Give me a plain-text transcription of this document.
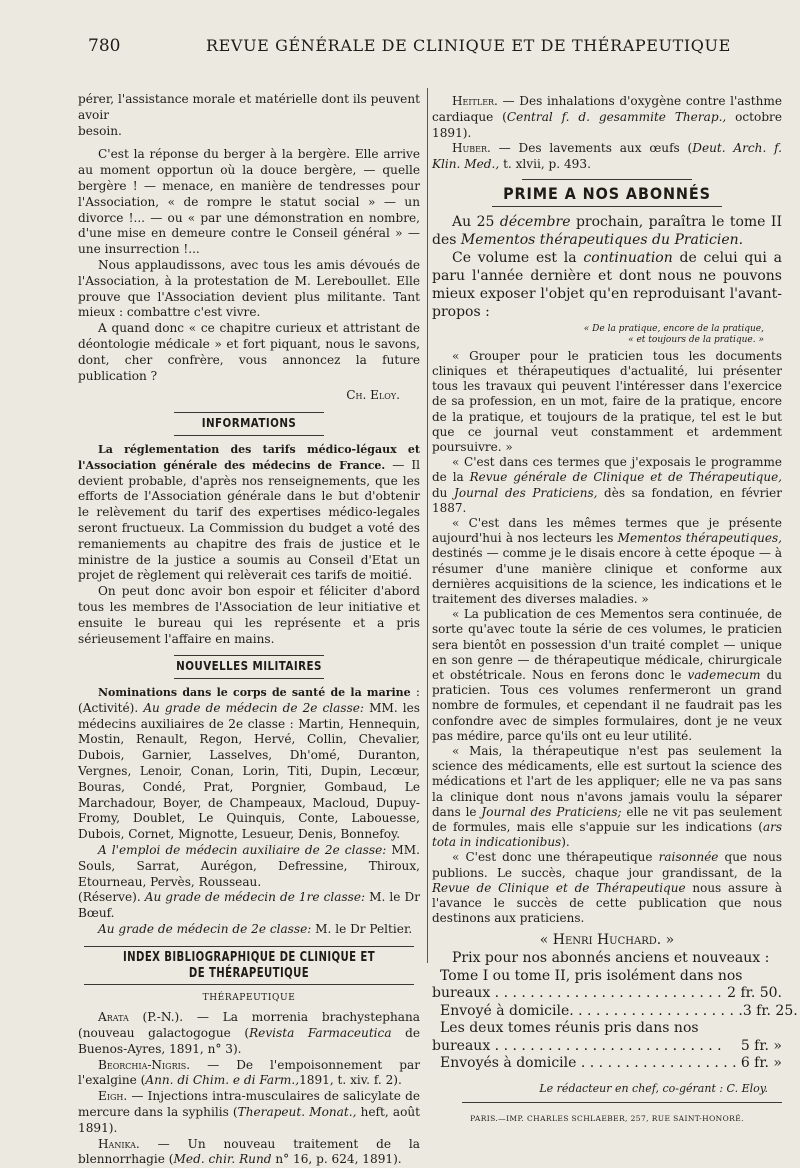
780	REVUE GÉNÉRALE DE CLINIQUE ET DE THÉRAPEUTIQUE

pérer, l'assistance morale et matérielle dont ils peuvent avoir

besoin.

C'est la réponse du berger à la bergère. Elle arrive au moment opportun où la douce bergère, — quelle bergère ! — menace, en manière de tendresses pour l'Association, « de rompre le statut social » — un divorce !... — ou « par une démonstration en nombre, d'une mise en demeure contre le Conseil général » — une insurrection !...

Nous applaudissons, avec tous les amis dévoués de l'Association, à la protestation de M. Lereboullet. Elle prouve que l'Association devient plus militante. Tant mieux : combattre c'est vivre.

A quand donc « ce chapitre curieux et attristant de déontologie médicale » et fort piquant, nous le savons, dont, cher confrère, vous annoncez la future publication ?

Ch. Eloy.

INFORMATIONS

La réglementation des tarifs médico-légaux et l'Association générale des médecins de France. — Il devient probable, d'après nos renseignements, que les efforts de l'Association générale dans le but d'obtenir le relèvement du tarif des expertises médico-legales seront fructueux. La Commission du budget a voté des remaniements au chapitre des frais de justice et le ministre de la justice a soumis au Conseil d'Etat un projet de règlement qui relèverait ces tarifs de moitié.

On peut donc avoir bon espoir et féliciter d'abord tous les membres de l'Association de leur initiative et ensuite le bureau qui les représente et a pris sérieusement l'affaire en mains.

NOUVELLES MILITAIRES

Nominations dans le corps de santé de la marine : (Activité). Au grade de médecin de 2e classe: MM. les médecins auxiliaires de 2e classe : Martin, Hennequin, Mostin, Renault, Regon, Hervé, Collin, Chevalier, Dubois, Garnier, Lasselves, Dh'omé, Duranton, Vergnes, Lenoir, Conan, Lorin, Titi, Dupin, Lecœur, Bouras, Condé, Prat, Porgnier, Gombaud, Le Marchadour, Boyer, de Champeaux, Macloud, Dupuy-Fromy, Doublet, Le Quinquis, Conte, Labouesse, Dubois, Cornet, Mignotte, Lesueur, Denis, Bonnefoy.

A l'emploi de médecin auxiliaire de 2e classe: MM. Souls, Sarrat, Aurégon, Defressine, Thiroux, Etourneau, Pervès, Rousseau.

(Réserve). Au grade de médecin de 1re classe: M. le Dr Bœuf.

Au grade de médecin de 2e classe: M. le Dr Peltier.

INDEX BIBLIOGRAPHIQUE DE CLINIQUE ET DE THÉRAPEUTIQUE
THÉRAPEUTIQUE

Arata (P.-N.). — La morrenia brachystephana (nouveau galactogogue (Revista Farmaceutica de Buenos-Ayres, 1891, n° 3).

Beorchia-Nigris. — De l'empoisonnement par l'exalgine (Ann. di Chim. e di Farm.,1891, t. xiv. f. 2).

Eigh. — Injections intra-musculaires de salicylate de mercure dans la syphilis (Therapeut. Monat., heft, août 1891).

Hanika. — Un nouveau traitement de la blennorrhagie (Med. chir. Rund n° 16, p. 624, 1891).

Heitler. — Des inhalations d'oxygène contre l'asthme cardiaque (Central f. d. gesammite Therap., octobre 1891).

Huber. — Des lavements aux œufs (Deut. Arch. f. Klin. Med., t. xlvii, p. 493.

PRIME A NOS ABONNÉS

Au 25 décembre prochain, paraîtra le tome II des Mementos thérapeutiques du Praticien.

Ce volume est la continuation de celui qui a paru l'année dernière et dont nous ne pouvons mieux exposer l'objet qu'en reproduisant l'avant-propos :

« De la pratique, encore de la pratique,
« et toujours de la pratique. »

« Grouper pour le praticien tous les documents cliniques et thérapeutiques d'actualité, lui présenter tous les travaux qui peuvent l'intéresser dans l'exercice de sa profession, en un mot, faire de la pratique, encore de la pratique, et toujours de la pratique, tel est le but que ce journal veut constamment et ardemment poursuivre. »

« C'est dans ces termes que j'exposais le programme de la Revue générale de Clinique et de Thérapeutique, du Journal des Praticiens, dès sa fondation, en février 1887.

« C'est dans les mêmes termes que je présente aujourd'hui à nos lecteurs les Mementos thérapeutiques, destinés — comme je le disais encore à cette époque — à résumer d'une manière clinique et conforme aux dernières acquisitions de la science, les indications et le traitement des diverses maladies. »

« La publication de ces Mementos sera continuée, de sorte qu'avec toute la série de ces volumes, le praticien sera bientôt en possession d'un traité complet — unique en son genre — de thérapeutique médicale, chirurgicale et obstétricale. Nous en ferons donc le vademecum du praticien. Tous ces volumes renfermeront un grand nombre de formules, et cependant il ne faudrait pas les confondre avec de simples formulaires, dont je ne veux pas médire, parce qu'ils ont eu leur utilité.

« Mais, la thérapeutique n'est pas seulement la science des médicaments, elle est surtout la science des médications et l'art de les appliquer; elle ne va pas sans la clinique dont nous n'avons jamais voulu la séparer dans le Journal des Praticiens; elle ne vit pas seulement de formules, mais elle s'appuie sur les indications (ars tota in indicationibus).

« C'est donc une thérapeutique raisonnée que nous publions. Le succès, chaque jour grandissant, de la Revue de Clinique et de Thérapeutique nous assure à l'avance le succès de cette publication que nous destinons aux praticiens.

« Henri Huchard. »
Prix pour nos abonnés anciens et nouveaux :
Tome I ou tome II, pris isolément dans nos
bureaux . . . . . . . . . . . . . . . . . . . . . . . . . . 2 fr. 50.
Envoyé à domicile. . . . . . . . . . . . . . . . . . . . 3 fr. 25.
Les deux tomes réunis pris dans nos
bureaux . . . . . . . . . . . . . . . . . . . . . . . . . .	5 fr. »
Envoyés à domicile . . . . . . . . . . . . . . . . . . 6 fr. »
Le rédacteur en chef, co-gérant : C. Eloy.
PARIS.—IMP. CHARLES SCHLAEBER, 257, RUE SAINT-HONORÉ.
